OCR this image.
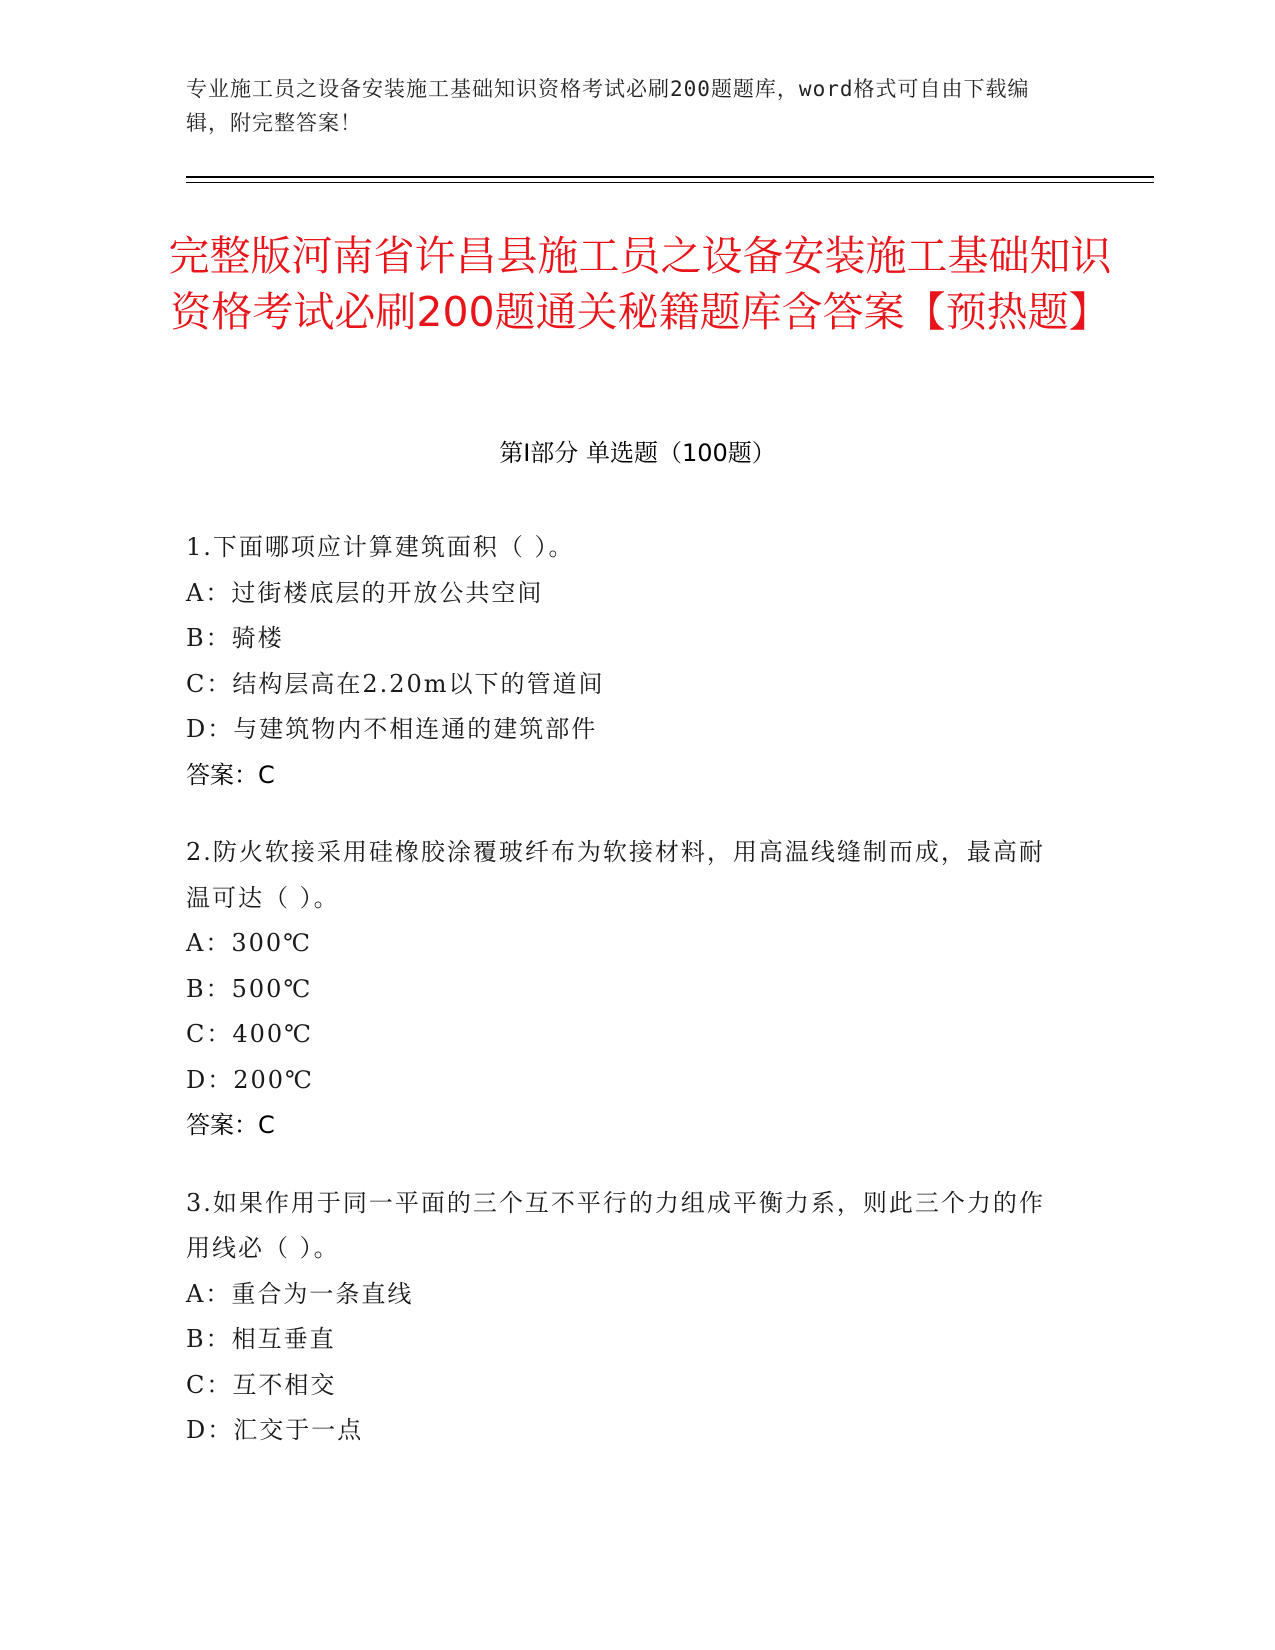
专业施工员之设备安装施工基础知识资格考试必刷200题题库，word格式可自由下载编辑，附完整答案！
完整版河南省许昌县施工员之设备安装施工基础知识资格考试必刷200题通关秘籍题库含答案【预热题】
第I部分 单选题（100题）

1.下面哪项应计算建筑面积（ ）。

A：过街楼底层的开放公共空间

B：骑楼

C：结构层高在2.20m以下的管道间

D：与建筑物内不相连通的建筑部件

答案：C

2.防火软接采用硅橡胶涂覆玻纤布为软接材料，用高温线缝制而成，最高耐温可达（ ）。

A：300℃

B：500℃

C：400℃

D：200℃

答案：C

3.如果作用于同一平面的三个互不平行的力组成平衡力系，则此三个力的作用线必（ ）。

A：重合为一条直线

B：相互垂直

C：互不相交

D：汇交于一点
